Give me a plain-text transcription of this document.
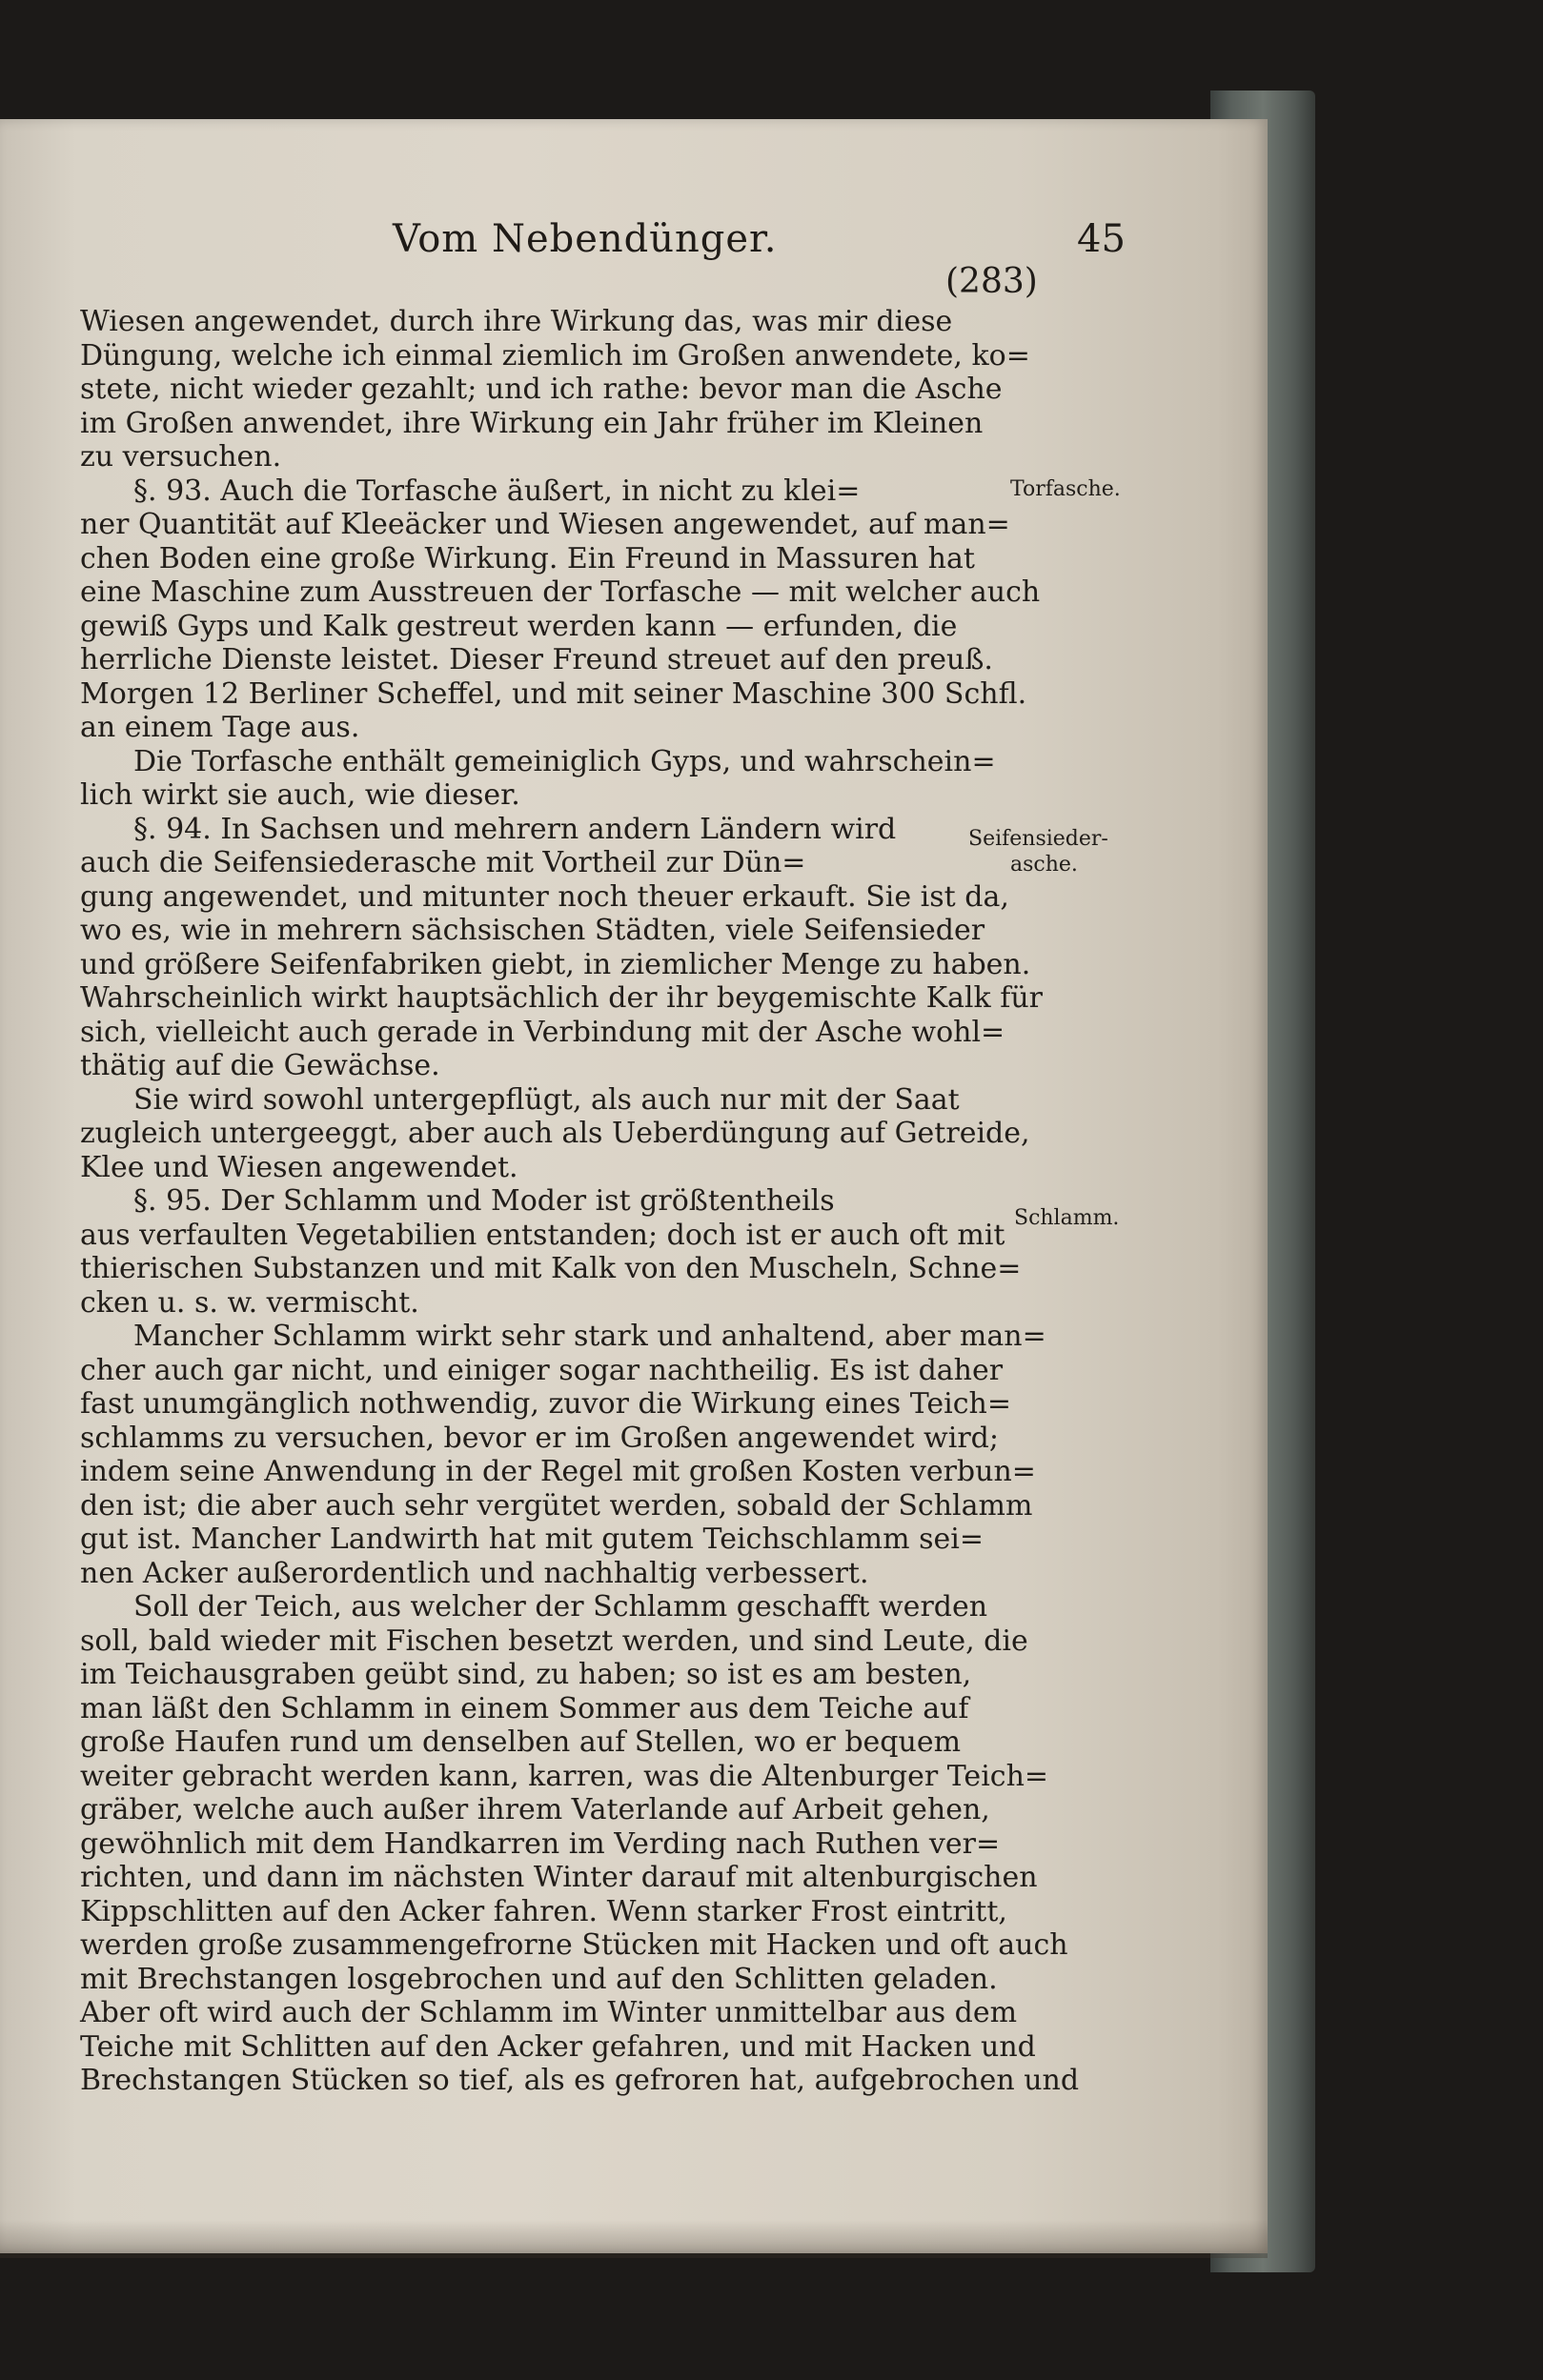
Vom Nebendünger.	45
(283)
Wiesen angewendet, durch ihre Wirkung das, was mir diese
Düngung, welche ich einmal ziemlich im Großen anwendete, ko=
stete, nicht wieder gezahlt; und ich rathe: bevor man die Asche
im Großen anwendet, ihre Wirkung ein Jahr früher im Kleinen
zu versuchen.
§. 93. Auch die Torfasche äußert, in nicht zu klei=
ner Quantität auf Kleeäcker und Wiesen angewendet, auf man=
chen Boden eine große Wirkung. Ein Freund in Massuren hat
eine Maschine zum Ausstreuen der Torfasche — mit welcher auch
gewiß Gyps und Kalk gestreut werden kann — erfunden, die
herrliche Dienste leistet. Dieser Freund streuet auf den preuß.
Morgen 12 Berliner Scheffel, und mit seiner Maschine 300 Schfl.
an einem Tage aus.
Die Torfasche enthält gemeiniglich Gyps, und wahrschein=
lich wirkt sie auch, wie dieser.
§. 94. In Sachsen und mehrern andern Ländern wird
auch die Seifensiederasche mit Vortheil zur Dün=
gung angewendet, und mitunter noch theuer erkauft. Sie ist da,
wo es, wie in mehrern sächsischen Städten, viele Seifensieder
und größere Seifenfabriken giebt, in ziemlicher Menge zu haben.
Wahrscheinlich wirkt hauptsächlich der ihr beygemischte Kalk für
sich, vielleicht auch gerade in Verbindung mit der Asche wohl=
thätig auf die Gewächse.
Sie wird sowohl untergepflügt, als auch nur mit der Saat
zugleich untergeeggt, aber auch als Ueberdüngung auf Getreide,
Klee und Wiesen angewendet.
§. 95. Der Schlamm und Moder ist größtentheils
aus verfaulten Vegetabilien entstanden; doch ist er auch oft mit
thierischen Substanzen und mit Kalk von den Muscheln, Schne=
cken u. s. w. vermischt.
Mancher Schlamm wirkt sehr stark und anhaltend, aber man=
cher auch gar nicht, und einiger sogar nachtheilig. Es ist daher
fast unumgänglich nothwendig, zuvor die Wirkung eines Teich=
schlamms zu versuchen, bevor er im Großen angewendet wird;
indem seine Anwendung in der Regel mit großen Kosten verbun=
den ist; die aber auch sehr vergütet werden, sobald der Schlamm
gut ist. Mancher Landwirth hat mit gutem Teichschlamm sei=
nen Acker außerordentlich und nachhaltig verbessert.
Soll der Teich, aus welcher der Schlamm geschafft werden
soll, bald wieder mit Fischen besetzt werden, und sind Leute, die
im Teichausgraben geübt sind, zu haben; so ist es am besten,
man läßt den Schlamm in einem Sommer aus dem Teiche auf
große Haufen rund um denselben auf Stellen, wo er bequem
weiter gebracht werden kann, karren, was die Altenburger Teich=
gräber, welche auch außer ihrem Vaterlande auf Arbeit gehen,
gewöhnlich mit dem Handkarren im Verding nach Ruthen ver=
richten, und dann im nächsten Winter darauf mit altenburgischen
Kippschlitten auf den Acker fahren. Wenn starker Frost eintritt,
werden große zusammengefrorne Stücken mit Hacken und oft auch
mit Brechstangen losgebrochen und auf den Schlitten geladen.
Aber oft wird auch der Schlamm im Winter unmittelbar aus dem
Teiche mit Schlitten auf den Acker gefahren, und mit Hacken und
Brechstangen Stücken so tief, als es gefroren hat, aufgebrochen und
Torfasche.
Seifensieder-
asche.
Schlamm.
